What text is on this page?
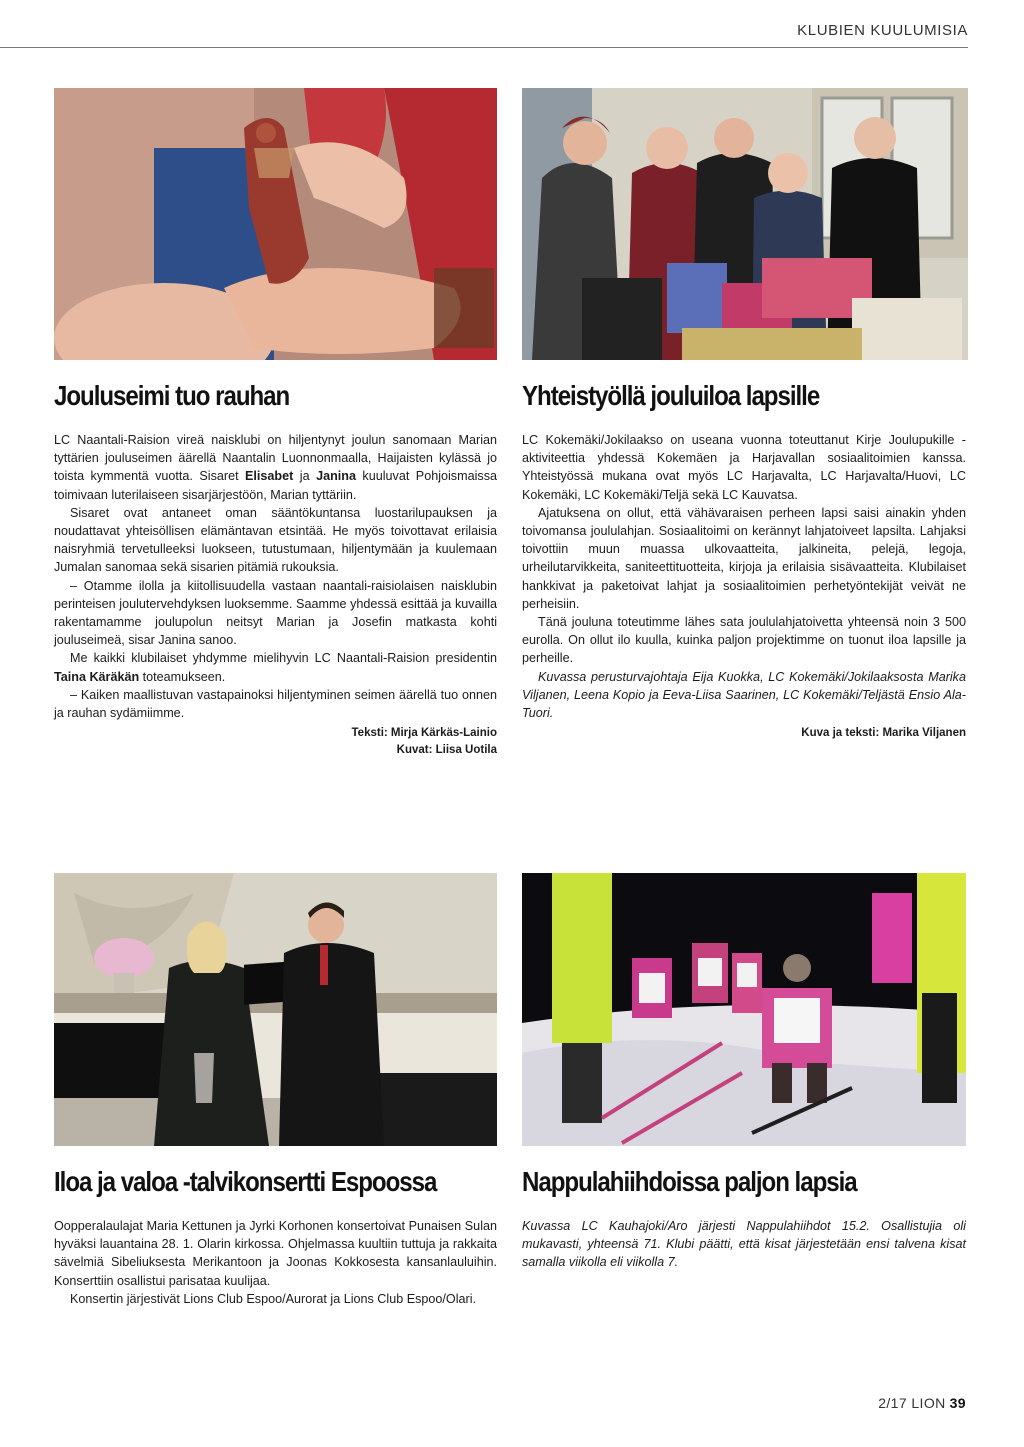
KLUBIEN KUULUMISIA
Jouluseimi tuo rauhan	Yhteistyöllä jouluiloa lapsille

LC Naantali-Raision vireä naisklubi on hiljentynyt joulun sanomaan Marian tyttärien jouluseimen äärellä Naantalin Luonnonmaalla, Haijaisten kylässä jo toista kymmentä vuotta. Sisaret Elisabet ja Janina kuuluvat Pohjoismaissa toimivaan luterilaiseen sisarjärjestöön, Marian tyttäriin.

Sisaret ovat antaneet oman sääntökuntansa luostarilupauksen ja noudattavat yhteisöllisen elämäntavan etsintää. He myös toivottavat erilaisia naisryhmiä tervetulleeksi luokseen, tutustumaan, hiljentymään ja kuulemaan Jumalan sanomaa sekä sisarien pitämiä rukouksia.

– Otamme ilolla ja kiitollisuudella vastaan naantali-raisiolaisen naisklubin perinteisen joulutervehdyksen luoksemme. Saamme yhdessä esittää ja kuvailla rakentamamme joulupolun neitsyt Marian ja Josefin matkasta kohti jouluseimeä, sisar Janina sanoo.

Me kaikki klubilaiset yhdymme mielihyvin LC Naantali-Raision presidentin Taina Käräkän toteamukseen.

– Kaiken maallistuvan vastapainoksi hiljentyminen seimen äärellä tuo onnen ja rauhan sydämiimme.

Teksti: Mirja Kärkäs-Lainio

Kuvat: Liisa Uotila

LC Kokemäki/Jokilaakso on useana vuonna toteuttanut Kirje Joulupukille -aktiviteettia yhdessä Kokemäen ja Harjavallan sosiaalitoimien kanssa. Yhteistyössä mukana ovat myös LC Harjavalta, LC Harjavalta/Huovi, LC Kokemäki, LC Kokemäki/Teljä sekä LC Kauvatsa.

Ajatuksena on ollut, että vähävaraisen perheen lapsi saisi ainakin yhden toivomansa joululahjan. Sosiaalitoimi on kerännyt lahjatoiveet lapsilta. Lahjaksi toivottiin muun muassa ulkovaatteita, jalkineita, pelejä, legoja, urheilutarvikkeita, saniteettituotteita, kirjoja ja erilaisia sisävaatteita. Klubilaiset hankkivat ja paketoivat lahjat ja sosiaalitoimien perhetyöntekijät veivät ne perheisiin.

Tänä jouluna toteutimme lähes sata joululahjatoivetta yhteensä noin 3 500 eurolla. On ollut ilo kuulla, kuinka paljon projektimme on tuonut iloa lapsille ja perheille.

Kuvassa perusturvajohtaja Eija Kuokka, LC Kokemäki/Jokilaaksosta Marika Viljanen, Leena Kopio ja Eeva-Liisa Saarinen, LC Kokemäki/Teljästä Ensio Ala-Tuori.

Kuva ja teksti: Marika Viljanen

Iloa ja valoa -talvikonsertti Espoossa	Nappulahiihdoissa paljon lapsia

Oopperalaulajat Maria Kettunen ja Jyrki Korhonen konsertoivat Punaisen Sulan hyväksi lauantaina 28. 1. Olarin kirkossa. Ohjelmassa kuultiin tuttuja ja rakkaita sävelmiä Sibeliuksesta Merikantoon ja Joonas Kokkosesta kansanlauluihin. Konserttiin osallistui parisataa kuulijaa.

Konsertin järjestivät Lions Club Espoo/Aurorat ja Lions Club Espoo/Olari.

Kuvassa LC Kauhajoki/Aro järjesti Nappulahiihdot 15.2. Osallistujia oli mukavasti, yhteensä 71. Klubi päätti, että kisat järjestetään ensi talvena kisat samalla viikolla eli viikolla 7.

2/17 LION 39
